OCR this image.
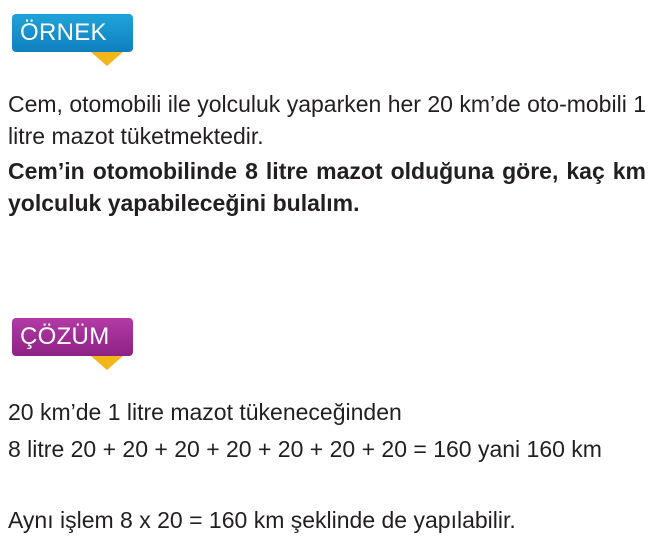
ÖRNEK

Cem, otomobili ile yolculuk yaparken her 20 km’de oto-mobili 1 litre mazot tüketmektedir.

Cem’in otomobilinde 8 litre mazot olduğuna göre, kaç km yolculuk yapabileceğini bulalım.

ÇÖZÜM

20 km’de 1 litre mazot tükeneceğinden

8 litre 20 + 20 + 20 + 20 + 20 + 20 + 20 = 160 yani 160 km

Aynı işlem 8 x 20 = 160 km şeklinde de yapılabilir.
